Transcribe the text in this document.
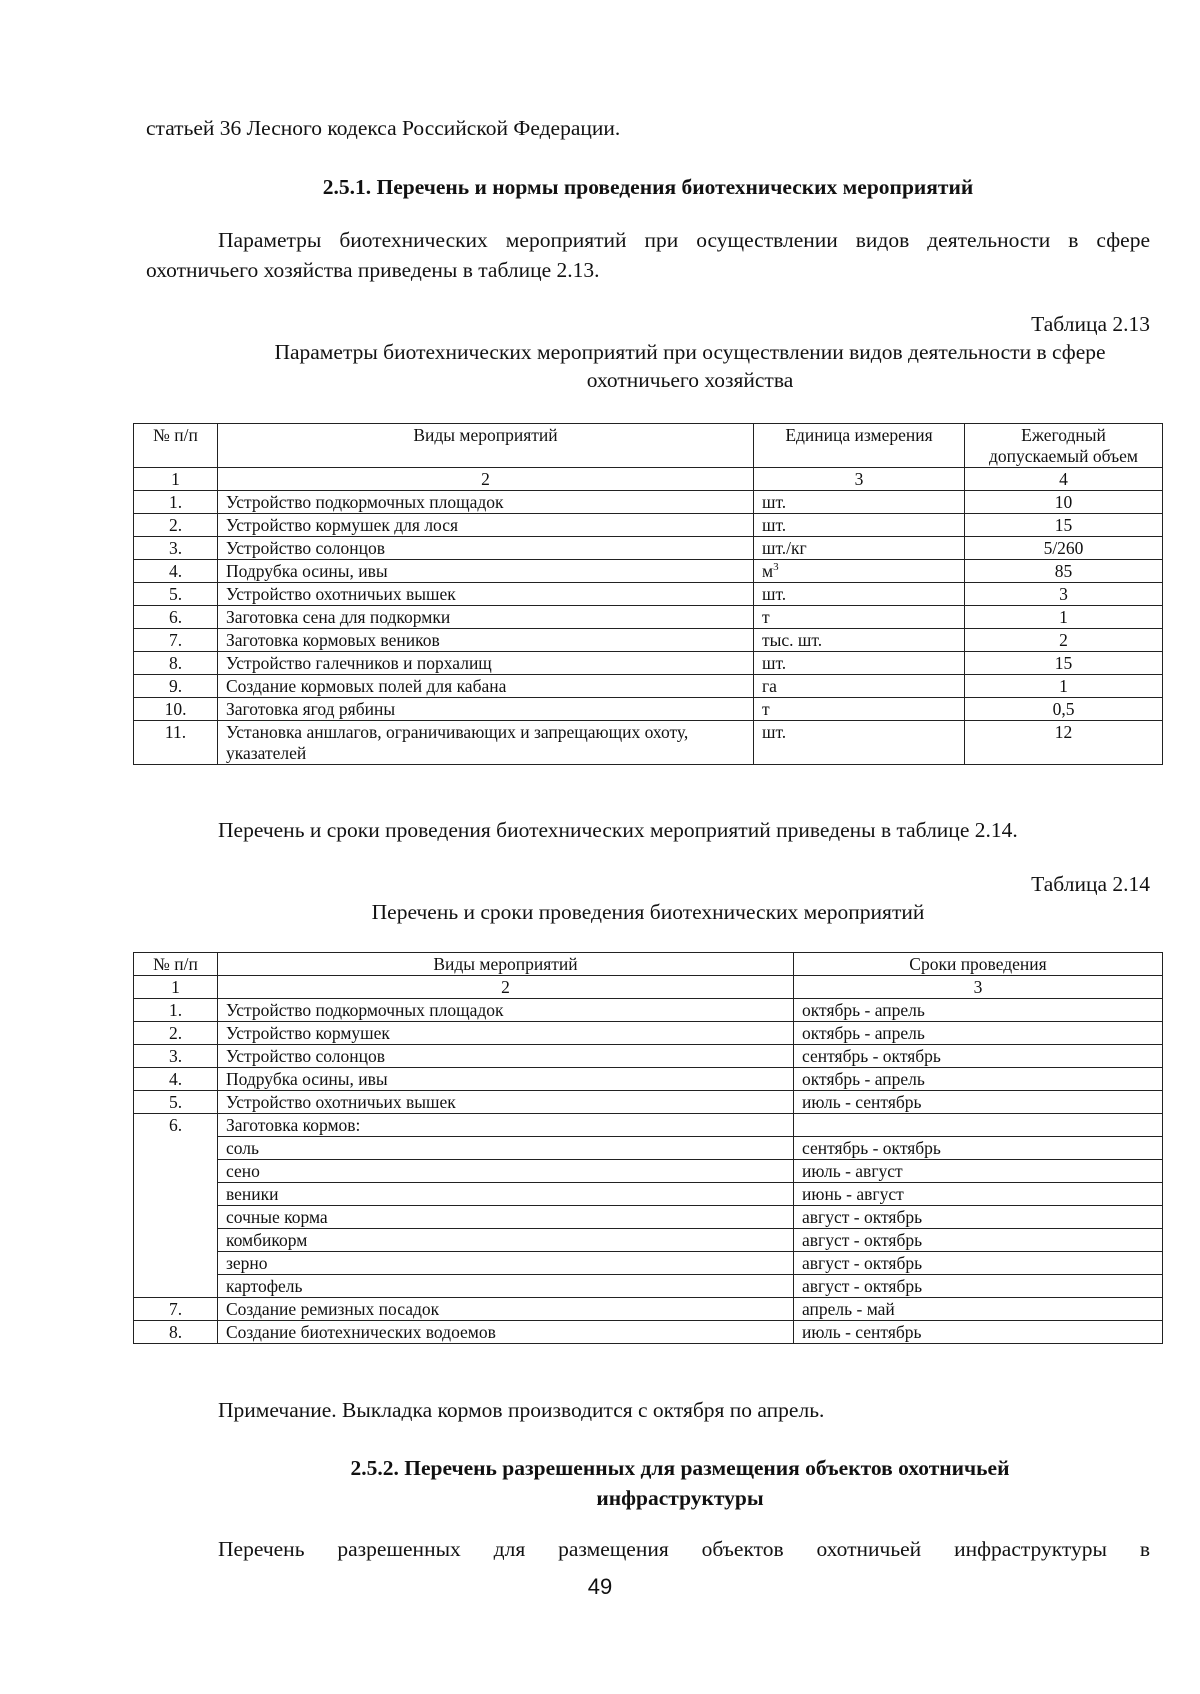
статьей 36 Лесного кодекса Российской Федерации.

2.5.1. Перечень и нормы проведения биотехнических мероприятий

Параметры биотехнических мероприятий при осуществлении видов деятельности в сфере охотничьего хозяйства приведены в таблице 2.13.

Таблица 2.13

Параметры биотехнических мероприятий при осуществлении видов деятельности в сфере охотничьего хозяйства

№ п/п	Виды мероприятий	Единица измерения	Ежегодный допускаемый объем
1	2	3	4
1.	Устройство подкормочных площадок	шт.	10
2.	Устройство кормушек для лося	шт.	15
3.	Устройство солонцов	шт./кг	5/260
4.	Подрубка осины, ивы	$м^3$	85
5.	Устройство охотничьих вышек	шт.	3
6.	Заготовка сена для подкормки	т	1
7.	Заготовка кормовых веников	тыс. шт.	2
8.	Устройство галечников и порхалищ	шт.	15
9.	Создание кормовых полей для кабана	га	1
10.	Заготовка ягод рябины	т	0,5
11.	Установка аншлагов, ограничивающих и запрещающих охоту, указателей	шт.	12

Перечень и сроки проведения биотехнических мероприятий приведены в таблице 2.14.

Таблица 2.14

Перечень и сроки проведения биотехнических мероприятий

№ п/п	Виды мероприятий	Сроки проведения
1	2	3
1.	Устройство подкормочных площадок	октябрь - апрель
2.	Устройство кормушек	октябрь - апрель
3.	Устройство солонцов	сентябрь - октябрь
4.	Подрубка осины, ивы	октябрь - апрель
5.	Устройство охотничьих вышек	июль - сентябрь
6.	Заготовка кормов:	
	соль	сентябрь - октябрь
	сено	июль - август
	веники	июнь - август
	сочные корма	август - октябрь
	комбикорм	август - октябрь
	зерно	август - октябрь
	картофель	август - октябрь
7.	Создание ремизных посадок	апрель - май
8.	Создание биотехнических водоемов	июль - сентябрь

Примечание. Выкладка кормов производится с октября по апрель.

2.5.2. Перечень разрешенных для размещения объектов охотничьей инфраструктуры

Перечень разрешенных для размещения объектов охотничьей инфраструктуры в

49
